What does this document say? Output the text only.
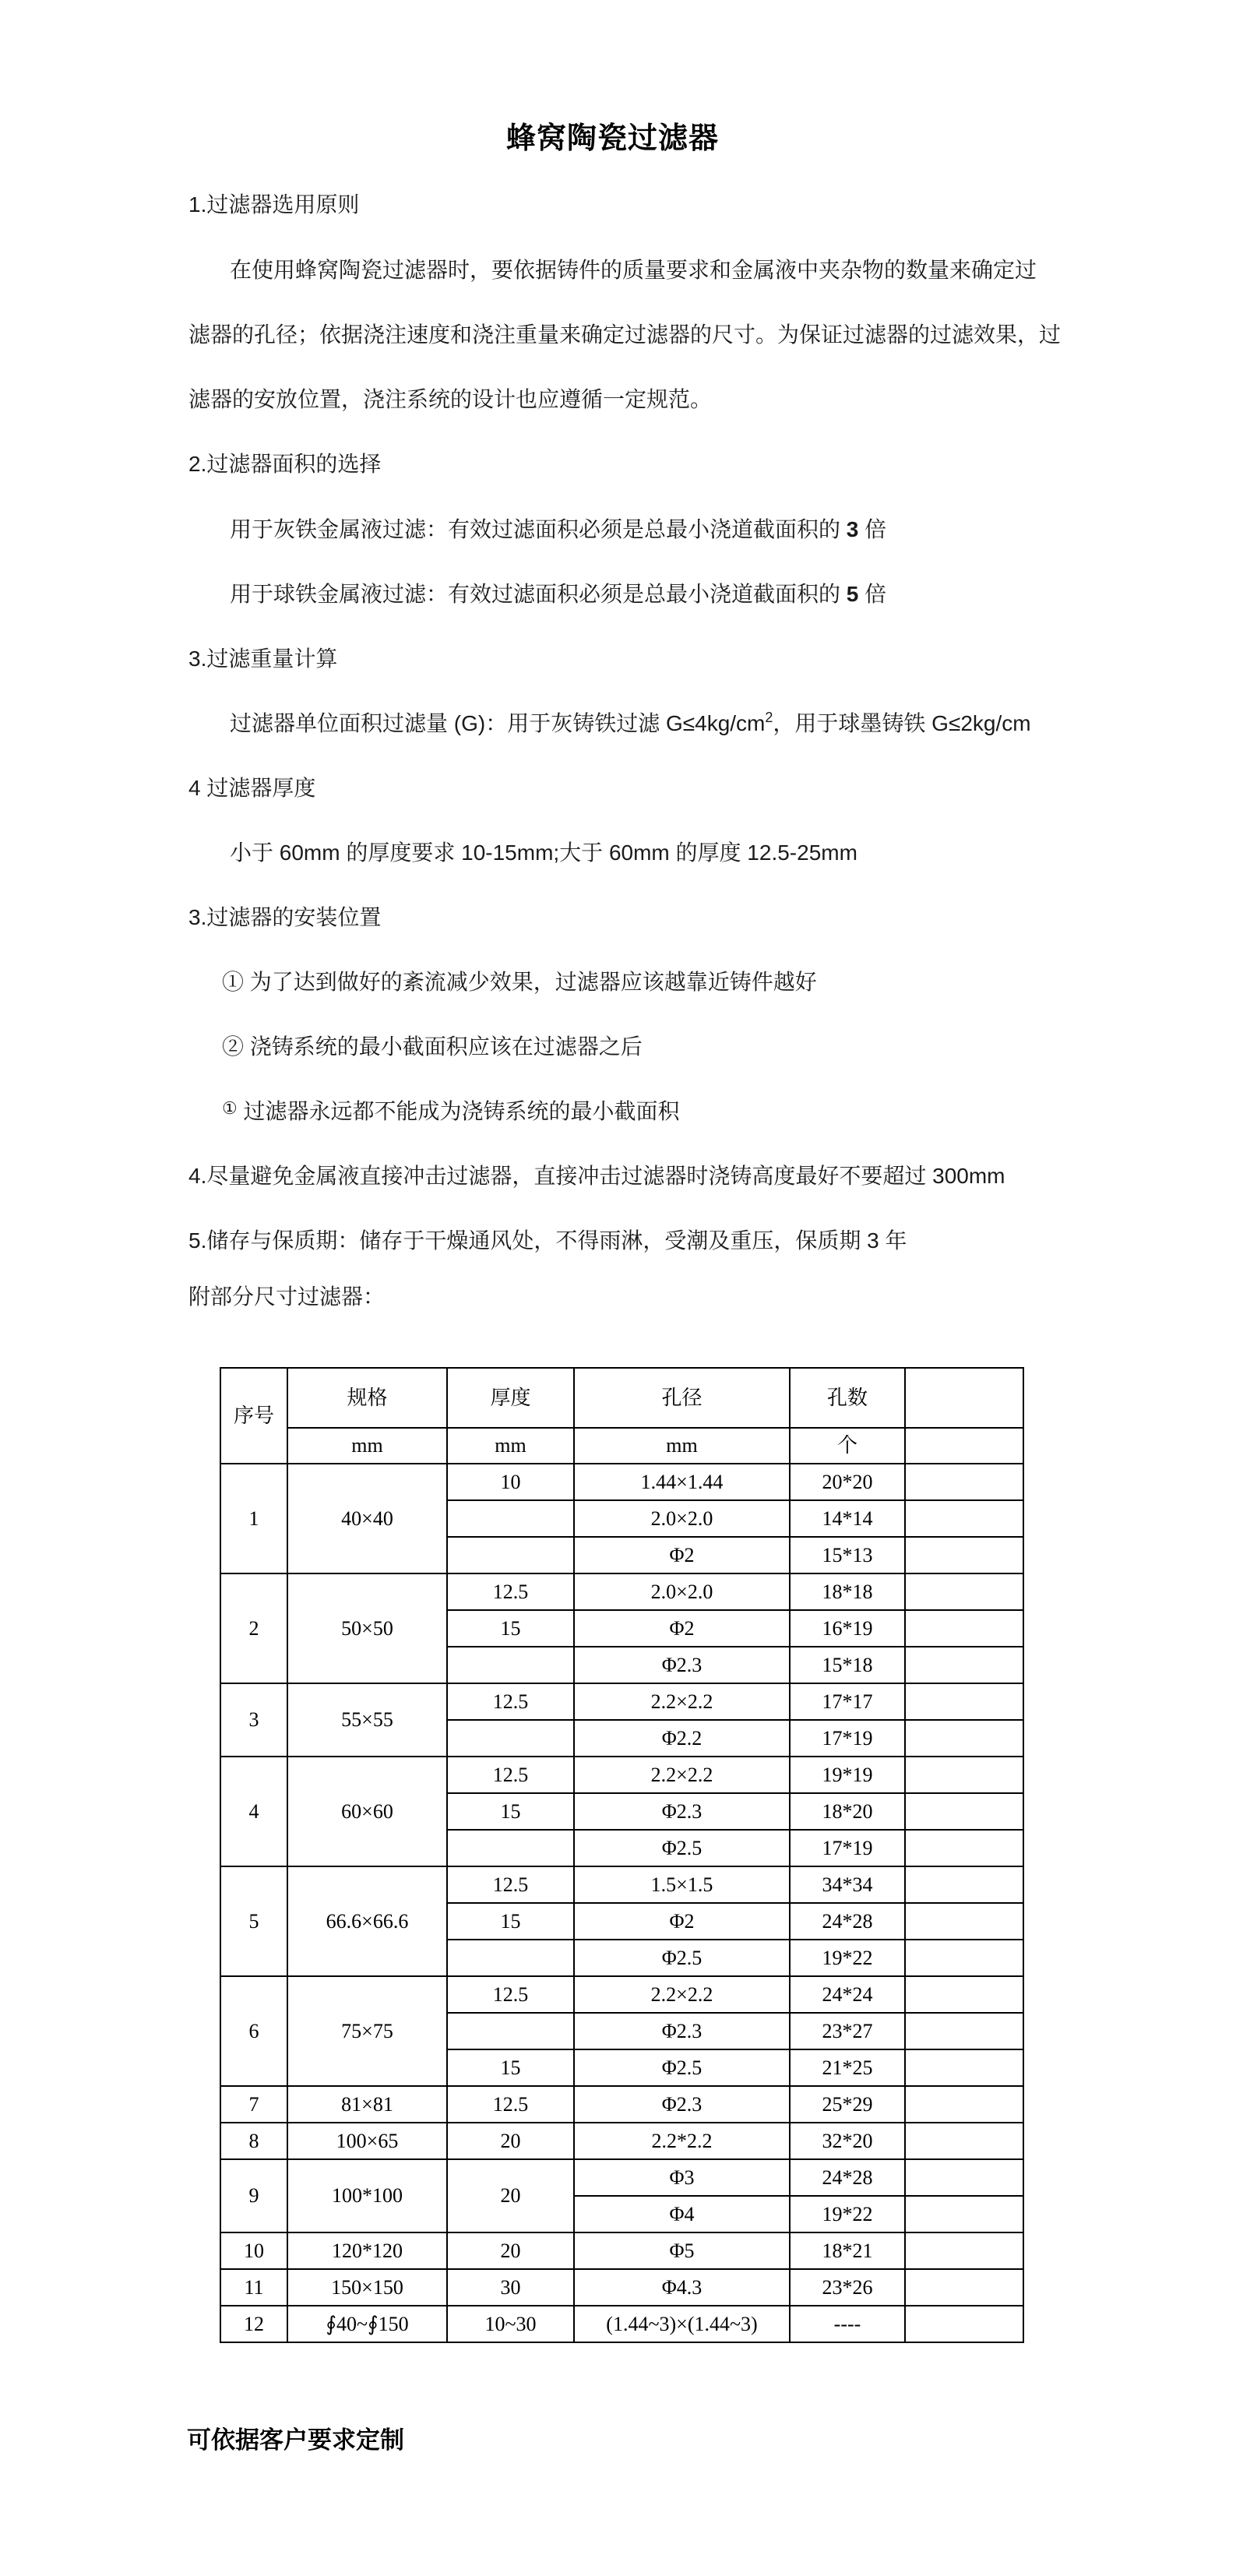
蜂窝陶瓷过滤器
1.过滤器选用原则
在使用蜂窝陶瓷过滤器时，要依据铸件的质量要求和金属液中夹杂物的数量来确定过
滤器的孔径；依据浇注速度和浇注重量来确定过滤器的尺寸。为保证过滤器的过滤效果，过
滤器的安放位置，浇注系统的设计也应遵循一定规范。
2.过滤器面积的选择
用于灰铁金属液过滤：有效过滤面积必须是总最小浇道截面积的 3 倍
用于球铁金属液过滤：有效过滤面积必须是总最小浇道截面积的 5 倍
3.过滤重量计算
过滤器单位面积过滤量 (G)：用于灰铸铁过滤 $G\le 4kg/cm^2$，用于球墨铸铁 G≤2kg/cm
4 过滤器厚度
小于 60mm 的厚度要求 10-15mm;大于 60mm 的厚度 12.5-25mm
3.过滤器的安装位置
① 为了达到做好的紊流减少效果，过滤器应该越靠近铸件越好
② 浇铸系统的最小截面积应该在过滤器之后
① 过滤器永远都不能成为浇铸系统的最小截面积
4.尽量避免金属液直接冲击过滤器，直接冲击过滤器时浇铸高度最好不要超过 300mm
5.储存与保质期：储存于干燥通风处，不得雨淋，受潮及重压，保质期 3 年
附部分尺寸过滤器：
序号	规格	厚度	孔径	孔数	
	mm	mm	mm	个	
1	40×40	10	1.44×1.44	20*20	
			2.0×2.0	14*14	
			Φ2	15*13	
2	50×50	12.5	2.0×2.0	18*18	
		15	Φ2	16*19	
			Φ2.3	15*18	
3	55×55	12.5	2.2×2.2	17*17	
			Φ2.2	17*19	
4	60×60	12.5	2.2×2.2	19*19	
		15	Φ2.3	18*20	
			Φ2.5	17*19	
5	66.6×66.6	12.5	1.5×1.5	34*34	
		15	Φ2	24*28	
			Φ2.5	19*22	
6	75×75	12.5	2.2×2.2	24*24	
			Φ2.3	23*27	
		15	Φ2.5	21*25	
7	81×81	12.5	Φ2.3	25*29	
8	100×65	20	2.2*2.2	32*20	
9	100*100	20	Φ3	24*28	
			Φ4	19*22	
10	120*120	20	Φ5	18*21	
11	150×150	30	Φ4.3	23*26	
12	∮40~∮150	10~30	(1.44~3)×(1.44~3)	----	
可依据客户要求定制
